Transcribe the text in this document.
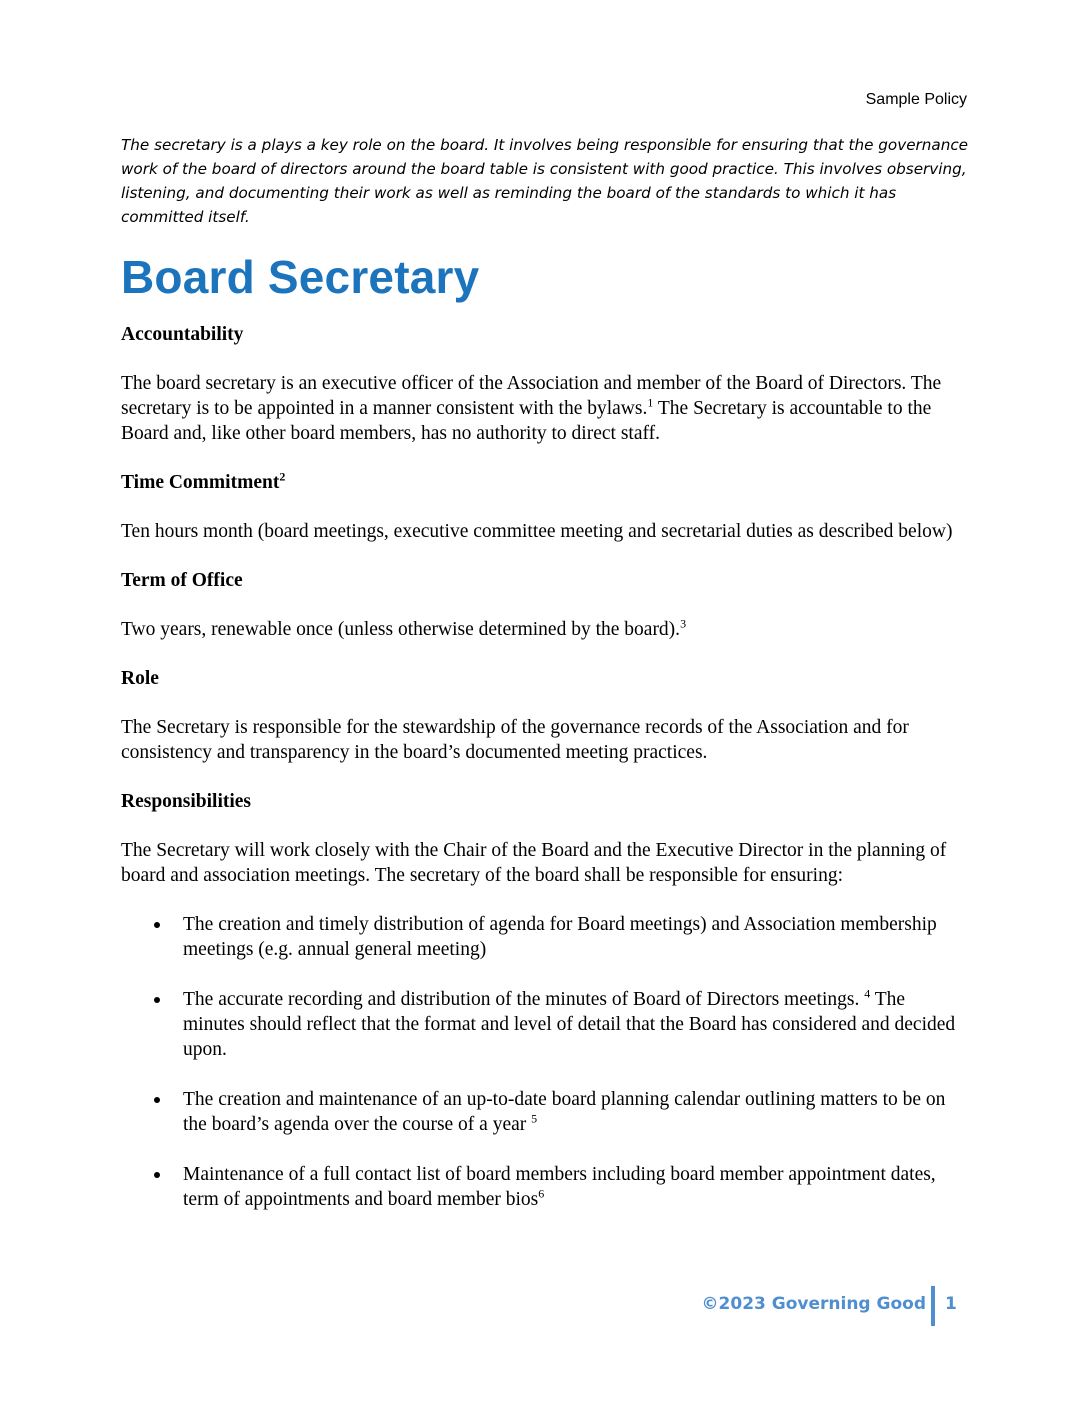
Sample Policy

The secretary is a plays a key role on the board. It involves being responsible for ensuring that the governance work of the board of directors around the board table is consistent with good practice. This involves observing, listening, and documenting their work as well as reminding the board of the standards to which it has committed itself.

Board Secretary
Accountability

The board secretary is an executive officer of the Association and member of the Board of Directors. The secretary is to be appointed in a manner consistent with the bylaws.$^1$ The Secretary is accountable to the Board and, like other board members, has no authority to direct staff.

Time Commitment$^2$

Ten hours month (board meetings, executive committee meeting and secretarial duties as described below)

Term of Office

Two years, renewable once (unless otherwise determined by the board).$^3$

Role

The Secretary is responsible for the stewardship of the governance records of the Association and for consistency and transparency in the board’s documented meeting practices.

Responsibilities

The Secretary will work closely with the Chair of the Board and the Executive Director in the planning of board and association meetings. The secretary of the board shall be responsible for ensuring:

The creation and timely distribution of agenda for Board meetings) and Association membership meetings (e.g. annual general meeting)
The accurate recording and distribution of the minutes of Board of Directors meetings. $^4$ The minutes should reflect that the format and level of detail that the Board has considered and decided upon.
The creation and maintenance of an up-to-date board planning calendar outlining matters to be on the board’s agenda over the course of a year $^5$
Maintenance of a full contact list of board members including board member appointment dates, term of appointments and board member bios$^6$
©2023 Governing Good 1
